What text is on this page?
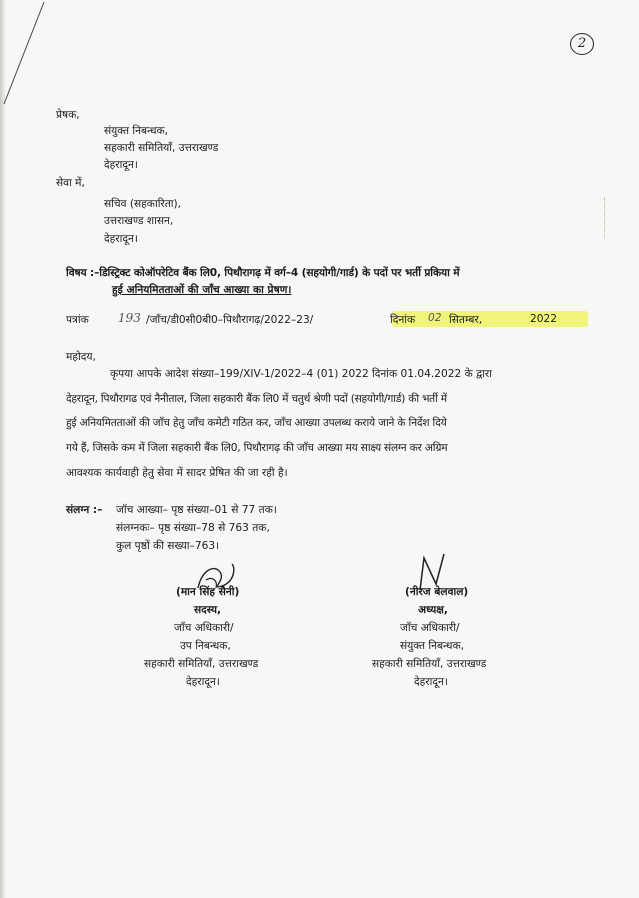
2
प्रेषक,
संयुक्त निबन्धक,
सहकारी समितियाँ, उत्तराखण्ड
देहरादून।
सेवा में,
सचिव (सहकारिता),
उत्तराखण्ड शासन,
देहरादून।
विषय :–डिस्ट्रिक्ट कोऑपरेटिव बैंक लि0, पिथौरागढ़ में वर्ग–4 (सहयोगी/गार्ड) के पदों पर भर्ती प्रकिया में
हुई अनियमितताओं की जाँच आख्या का प्रेषण।
पत्रांक 193 /जाँच/डी0सी0बी0–पिथौरागढ़/2022–23/	दिनांक 02 सितम्बर,	2022
महोदय,
कृपया आपके आदेश संख्या–199/XIV-1/2022–4 (01) 2022 दिनांक 01.04.2022 के द्वारा
देहरादून, पिथौरागढ एवं नैनीताल, जिला सहकारी बैंक लि0 में चतुर्थ श्रेणी पदों (सहयोगी/गार्ड) की भर्ती में
हुई अनियमितताओं की जाँच हेतु जाँच कमेटी गठित कर, जाँच आख्या उपलब्ध कराये जाने के निर्देश दिये
गये हैं, जिसके कम में जिला सहकारी बैंक लि0, पिथौरागढ़ की जाँच आख्या मय साक्ष्य संलग्न कर अग्रिम
आवश्यक कार्यवाही हेतु सेवा में सादर प्रेषित की जा रही है।
संलग्न :– जॉच आख्या– पृष्ठ संख्या–01 से 77 तक।
संलग्नकः– पृष्ठ संख्या–78 से 763 तक,
कुल पृष्ठों की सख्या–763।
(मान सिंह सैनी)
सदस्य,
जाँच अधिकारी/
उप निबन्धक,
सहकारी समितियाँ, उत्तराखण्ड
देहरादून।
(नीरज बेलवाल)
अध्यक्ष,
जाँच अधिकारी/
संयुक्त निबन्धक,
सहकारी समितियाँ, उत्तराखण्ड
देहरादून।
